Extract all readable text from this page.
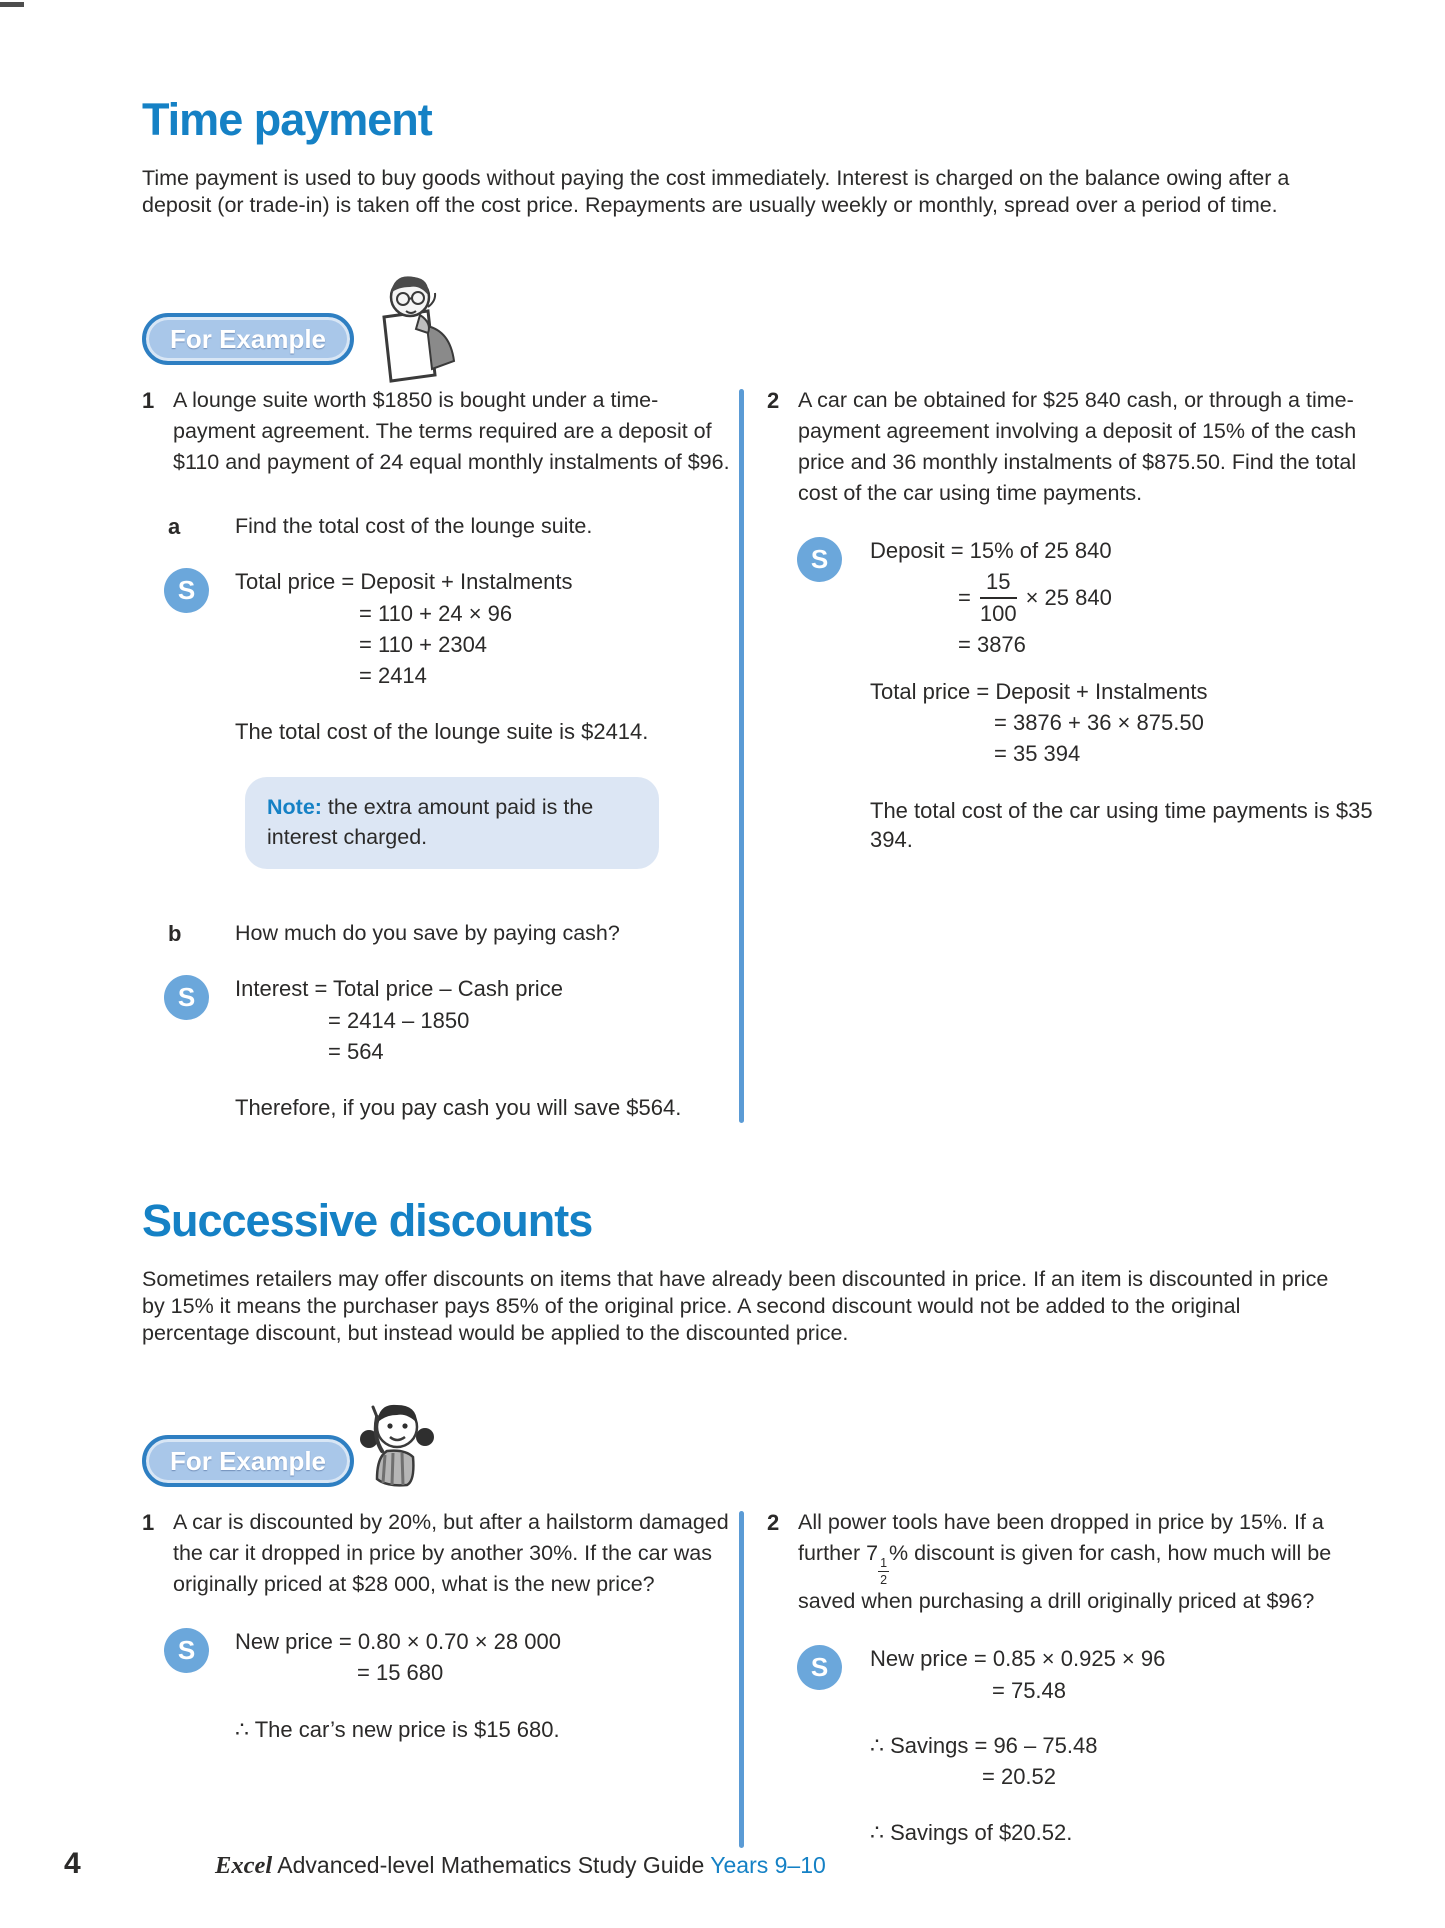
Time payment

Time payment is used to buy goods without paying the cost immediately. Interest is charged on the balance owing after a deposit (or trade-in) is taken off the cost price. Repayments are usually weekly or monthly, spread over a period of time.

For Example
1 A lounge suite worth $1850 is bought under a time-payment agreement. The terms required are a deposit of $110 and payment of 24 equal monthly instalments of $96.
a	Find the total cost of the lounge suite.
S	Total price = Deposit + Instalments
= 110 + 24 × 96
= 110 + 2304
= 2414
The total cost of the lounge suite is $2414.
Note: the extra amount paid is the interest charged.
b	How much do you save by paying cash?
S	Interest = Total price – Cash price
= 2414 – 1850
= 564
Therefore, if you pay cash you will save $564.
2 A car can be obtained for $25 840 cash, or through a time-payment agreement involving a deposit of 15% of the cash price and 36 monthly instalments of $875.50. Find the total cost of the car using time payments.
S	Deposit = 15% of 25 840
= $\frac{15}{100} \times 25$ 840
= 3876
Total price = Deposit + Instalments
= 3876 + 36 × 875.50
= 35 394
The total cost of the car using time payments is $35 394.
Successive discounts

Sometimes retailers may offer discounts on items that have already been discounted in price. If an item is discounted in price by 15% it means the purchaser pays 85% of the original price. A second discount would not be added to the original percentage discount, but instead would be applied to the discounted price.

For Example
1 A car is discounted by 20%, but after a hailstorm damaged the car it dropped in price by another 30%. If the car was originally priced at $28 000, what is the new price?
S	New price = 0.80 × 0.70 × 28 000
= 15 680
∴ The car’s new price is $15 680.
2 All power tools have been dropped in price by 15%. If a further 7
$\frac{1}{2}$
% discount is given for cash, how much will be saved when purchasing a drill originally priced at $96?
S	New price = 0.85 × 0.925 × 96
= 75.48
∴ Savings = 96 – 75.48
= 20.52
∴ Savings of $20.52.
4	Excel Advanced-level Mathematics Study Guide Years 9–10
